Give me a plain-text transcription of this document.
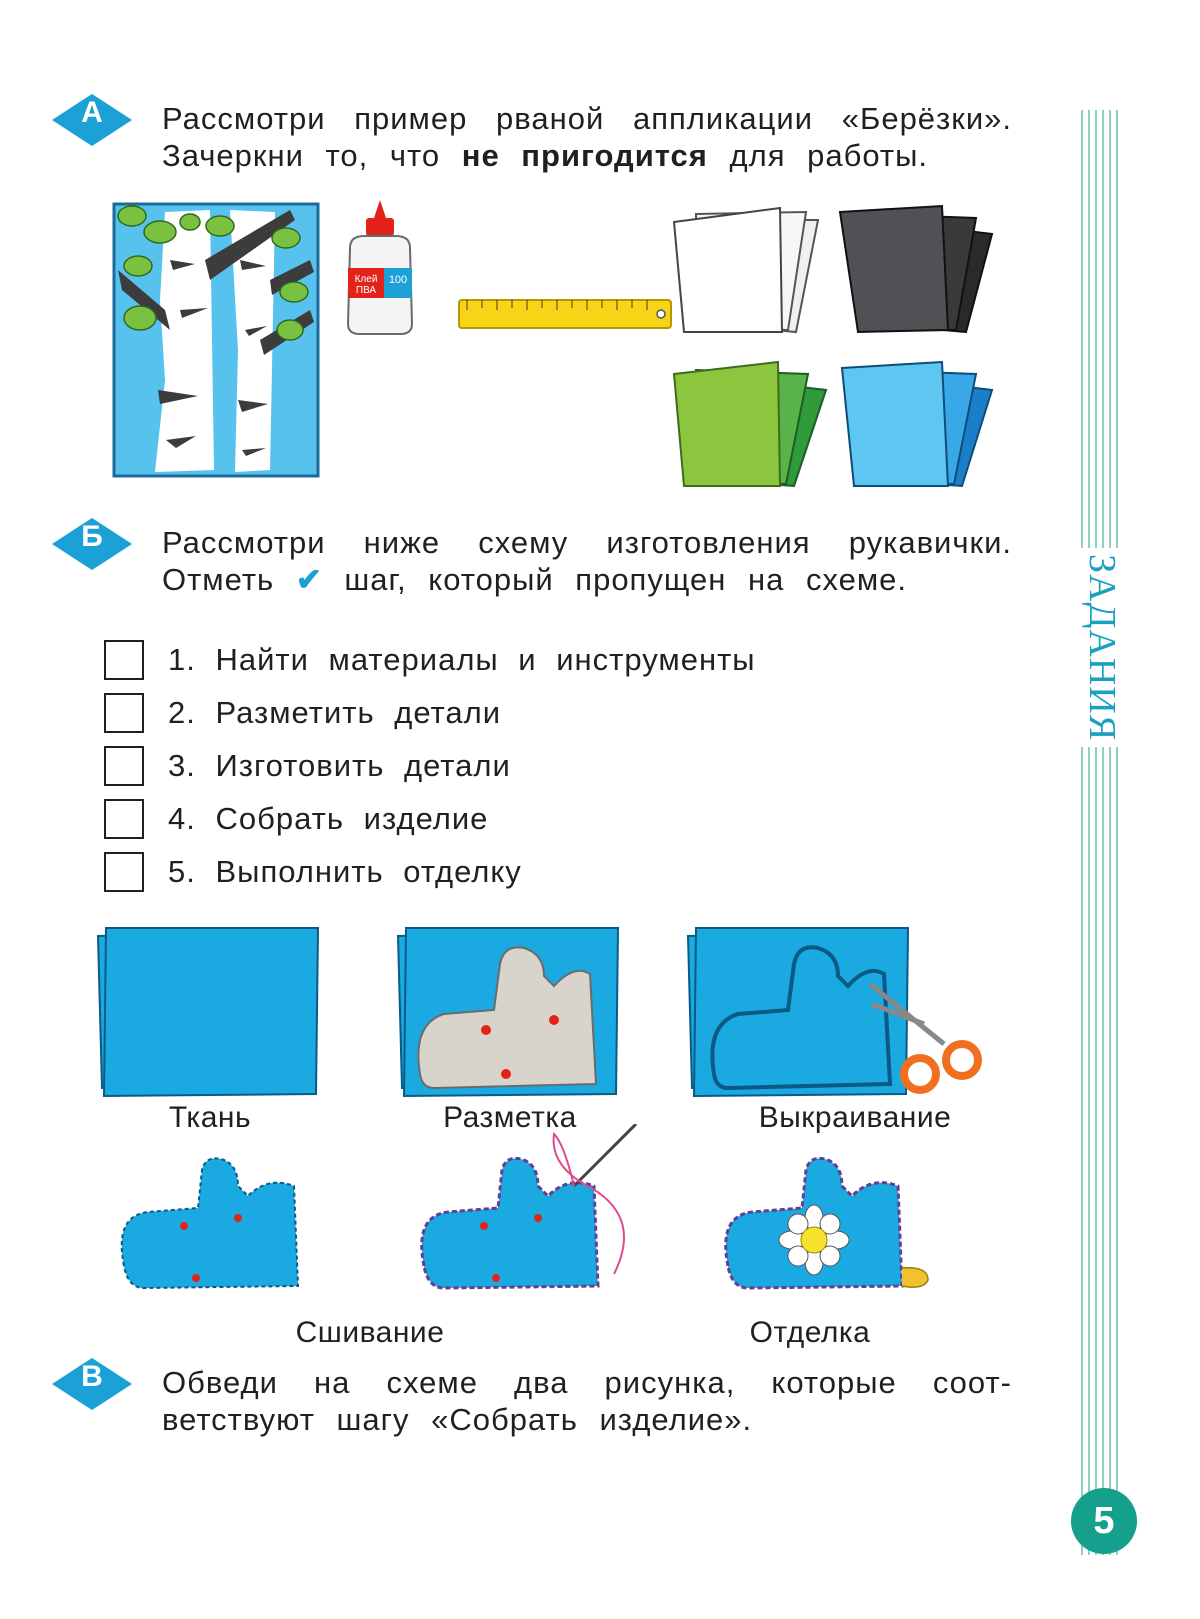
А	Рассмотри пример рваной аппликации «Берёзки».
Зачеркни то, что не пригодится для работы.
Клей ПВА
100
Б	Рассмотри ниже схему изготовления рукавички.
Отметь ✔ шаг, который пропущен на схеме.
1. Найти материалы и инструменты
2. Разметить детали
3. Изготовить детали
4. Собрать изделие
5. Выполнить отделку
Ткань	Разметка	Выкраивание
Сшивание	Отделка
В	Обведи на схеме два рисунка, которые соот-
ветствуют шагу «Собрать изделие».
ЗАДАНИЯ
5
